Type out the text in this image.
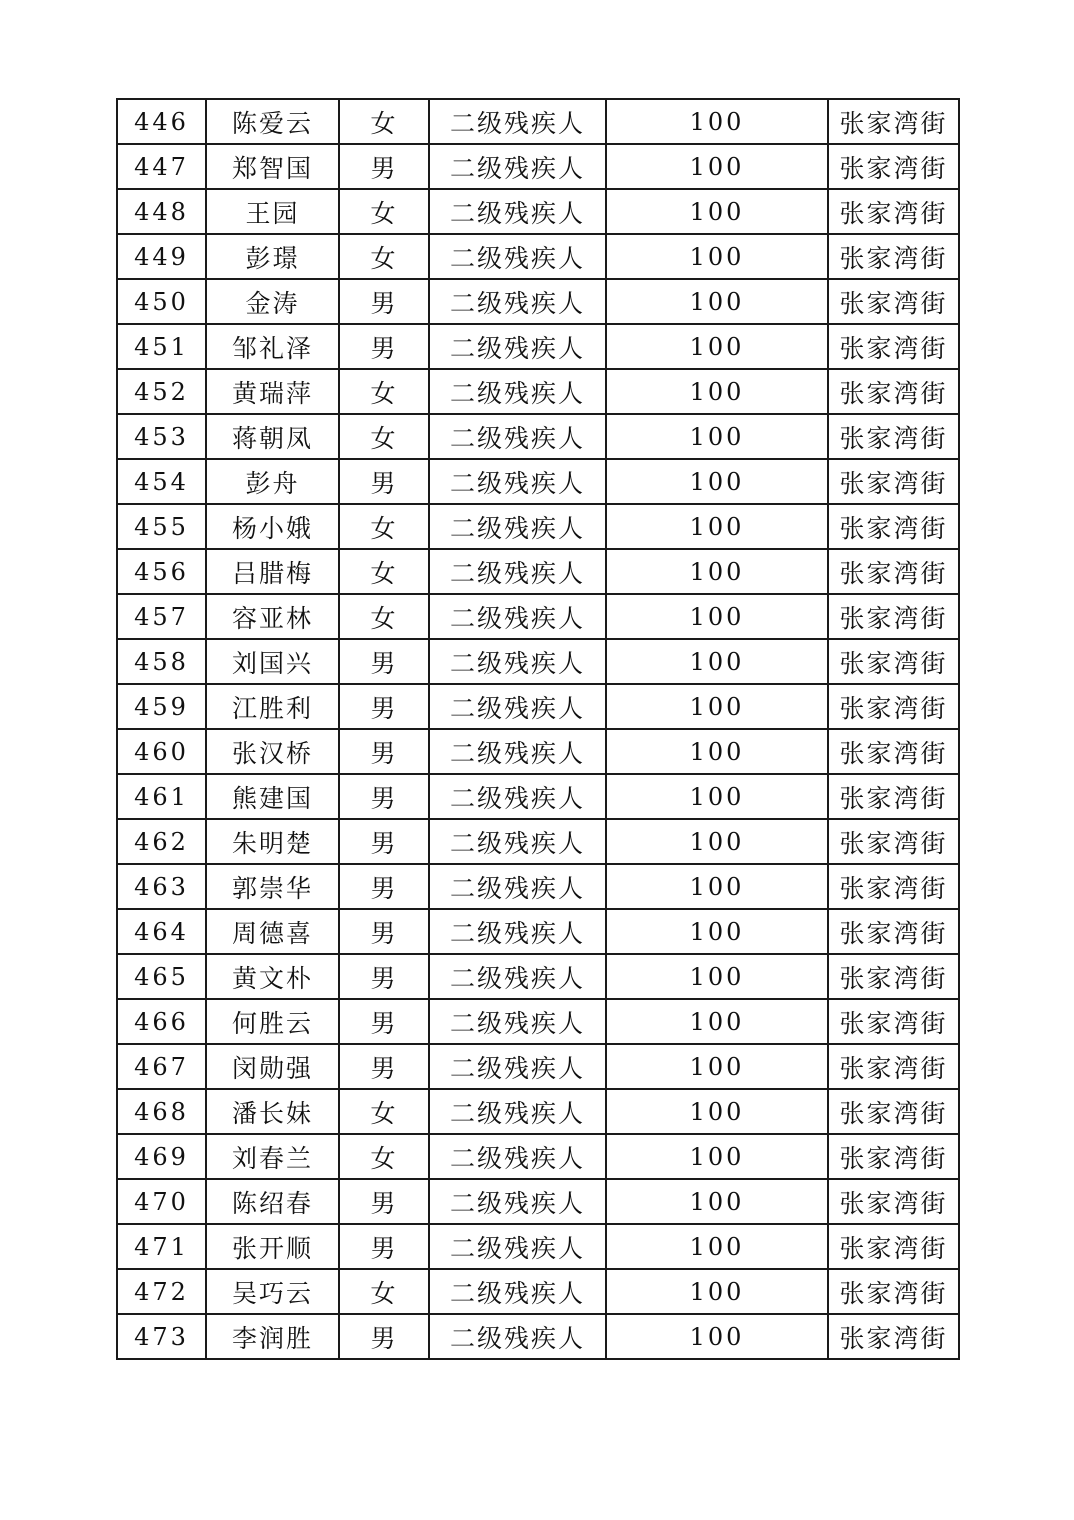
446	陈爱云	女	二级残疾人	100	张家湾街
447	郑智国	男	二级残疾人	100	张家湾街
448	王园	女	二级残疾人	100	张家湾街
449	彭璟	女	二级残疾人	100	张家湾街
450	金涛	男	二级残疾人	100	张家湾街
451	邹礼泽	男	二级残疾人	100	张家湾街
452	黄瑞萍	女	二级残疾人	100	张家湾街
453	蒋朝凤	女	二级残疾人	100	张家湾街
454	彭舟	男	二级残疾人	100	张家湾街
455	杨小娥	女	二级残疾人	100	张家湾街
456	吕腊梅	女	二级残疾人	100	张家湾街
457	容亚林	女	二级残疾人	100	张家湾街
458	刘国兴	男	二级残疾人	100	张家湾街
459	江胜利	男	二级残疾人	100	张家湾街
460	张汉桥	男	二级残疾人	100	张家湾街
461	熊建国	男	二级残疾人	100	张家湾街
462	朱明楚	男	二级残疾人	100	张家湾街
463	郭崇华	男	二级残疾人	100	张家湾街
464	周德喜	男	二级残疾人	100	张家湾街
465	黄文朴	男	二级残疾人	100	张家湾街
466	何胜云	男	二级残疾人	100	张家湾街
467	闵勋强	男	二级残疾人	100	张家湾街
468	潘长妹	女	二级残疾人	100	张家湾街
469	刘春兰	女	二级残疾人	100	张家湾街
470	陈绍春	男	二级残疾人	100	张家湾街
471	张开顺	男	二级残疾人	100	张家湾街
472	吴巧云	女	二级残疾人	100	张家湾街
473	李润胜	男	二级残疾人	100	张家湾街
